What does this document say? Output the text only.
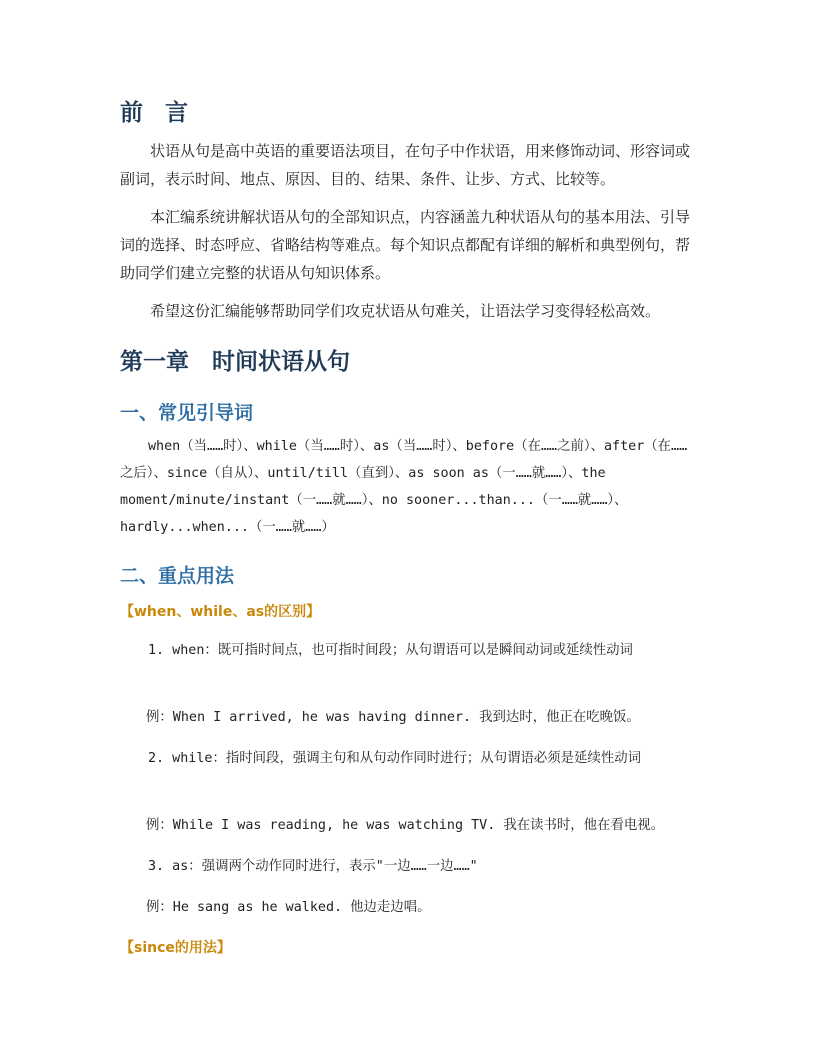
前言

状语从句是高中英语的重要语法项目，在句子中作状语，用来修饰动词、形容词或副词，表示时间、地点、原因、目的、结果、条件、让步、方式、比较等。

本汇编系统讲解状语从句的全部知识点，内容涵盖九种状语从句的基本用法、引导词的选择、时态呼应、省略结构等难点。每个知识点都配有详细的解析和典型例句，帮助同学们建立完整的状语从句知识体系。

希望这份汇编能够帮助同学们攻克状语从句难关，让语法学习变得轻松高效。

第一章　时间状语从句
一、常见引导词

when（当……时）、while（当……时）、as（当……时）、before（在……之前）、after（在……之后）、since（自从）、until/till（直到）、as soon as（一……就……）、the moment/minute/instant（一……就……）、no sooner...than...（一……就……）、hardly...when...（一……就……）

二、重点用法
【when、while、as的区别】

1. when：既可指时间点，也可指时间段；从句谓语可以是瞬间动词或延续性动词

例：When I arrived, he was having dinner. 我到达时，他正在吃晚饭。

2. while：指时间段，强调主句和从句动作同时进行；从句谓语必须是延续性动词

例：While I was reading, he was watching TV. 我在读书时，他在看电视。

3. as：强调两个动作同时进行，表示"一边……一边……"

例：He sang as he walked. 他边走边唱。

【since的用法】
